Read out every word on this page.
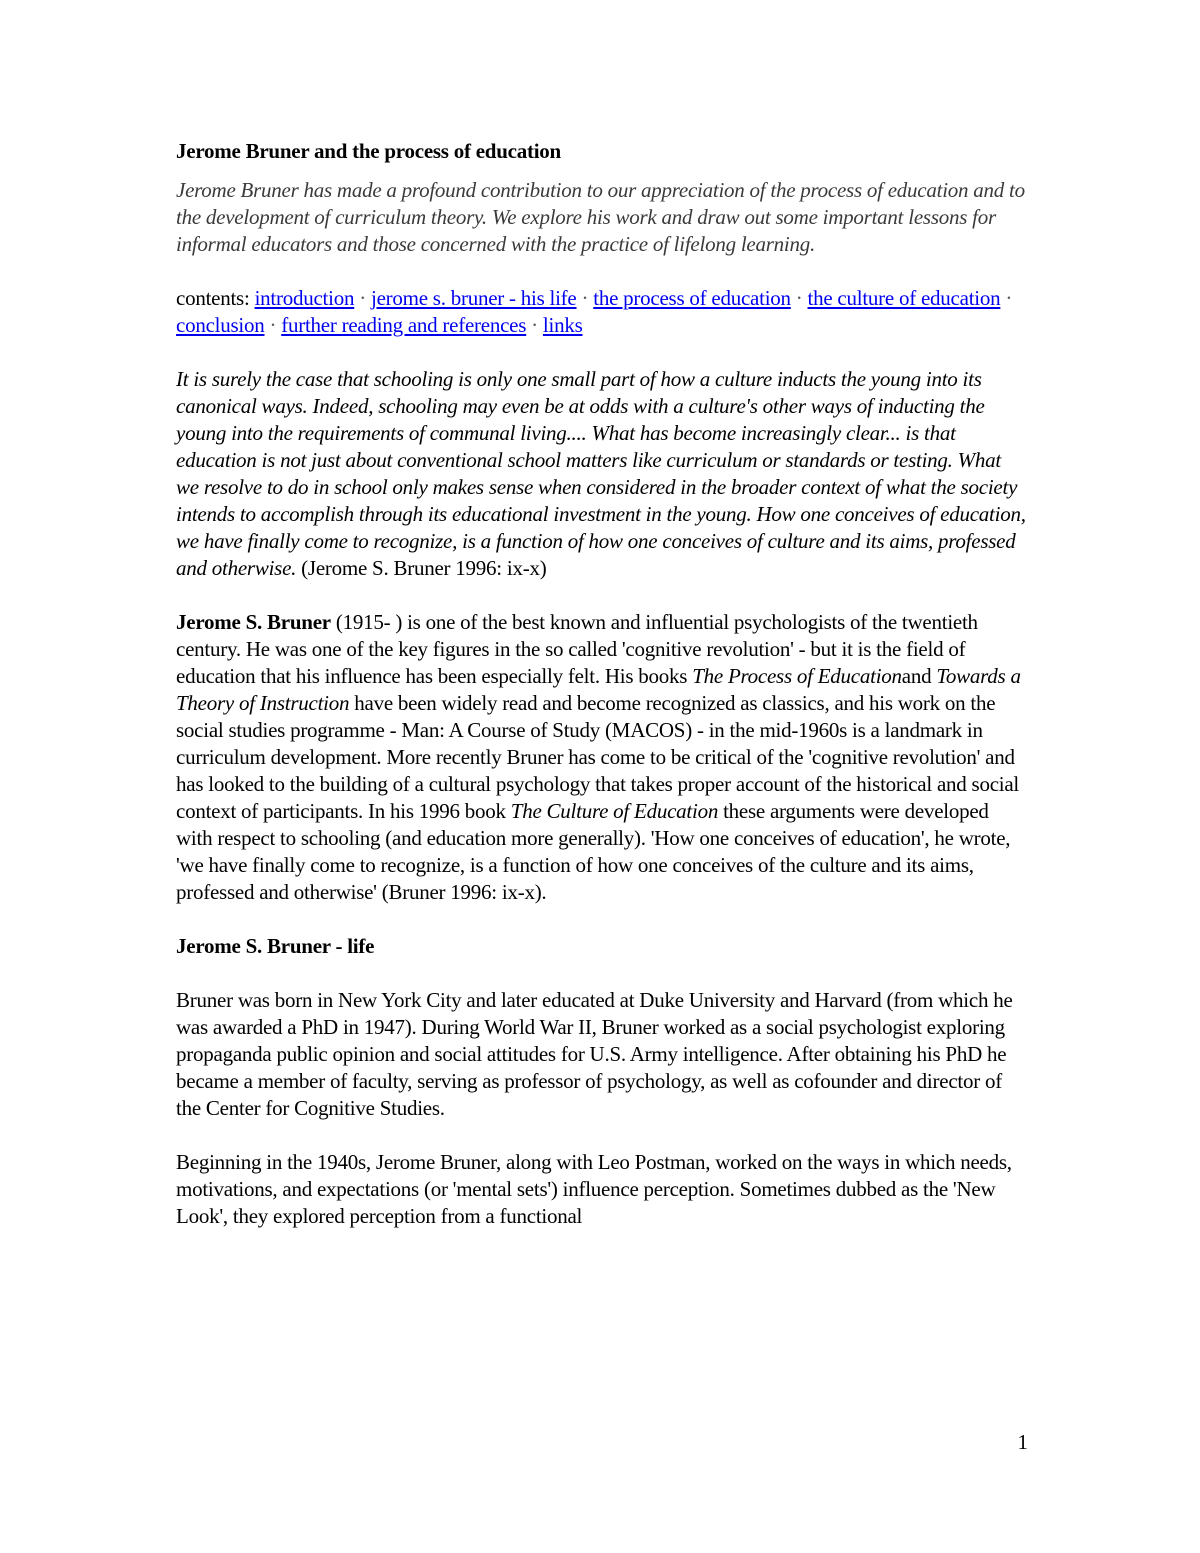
Jerome Bruner and the process of education

Jerome Bruner has made a profound contribution to our appreciation of the process of education and to the development of curriculum theory. We explore his work and draw out some important lessons for informal educators and those concerned with the practice of lifelong learning.

contents: introduction · jerome s. bruner - his life · the process of education · the culture of education · conclusion · further reading and references · links

It is surely the case that schooling is only one small part of how a culture inducts the young into its canonical ways. Indeed, schooling may even be at odds with a culture's other ways of inducting the young into the requirements of communal living.... What has become increasingly clear... is that education is not just about conventional school matters like curriculum or standards or testing. What we resolve to do in school only makes sense when considered in the broader context of what the society intends to accomplish through its educational investment in the young. How one conceives of education, we have finally come to recognize, is a function of how one conceives of culture and its aims, professed and otherwise. (Jerome S. Bruner 1996: ix-x)

Jerome S. Bruner (1915- ) is one of the best known and influential psychologists of the twentieth century. He was one of the key figures in the so called 'cognitive revolution' - but it is the field of education that his influence has been especially felt. His books The Process of Educationand Towards a Theory of Instruction have been widely read and become recognized as classics, and his work on the social studies programme - Man: A Course of Study (MACOS) - in the mid-1960s is a landmark in curriculum development. More recently Bruner has come to be critical of the 'cognitive revolution' and has looked to the building of a cultural psychology that takes proper account of the historical and social context of participants. In his 1996 book The Culture of Education these arguments were developed with respect to schooling (and education more generally). 'How one conceives of education', he wrote, 'we have finally come to recognize, is a function of how one conceives of the culture and its aims, professed and otherwise' (Bruner 1996: ix-x).

Jerome S. Bruner - life

Bruner was born in New York City and later educated at Duke University and Harvard (from which he was awarded a PhD in 1947). During World War II, Bruner worked as a social psychologist exploring propaganda public opinion and social attitudes for U.S. Army intelligence. After obtaining his PhD he became a member of faculty, serving as professor of psychology, as well as cofounder and director of the Center for Cognitive Studies.

Beginning in the 1940s, Jerome Bruner, along with Leo Postman, worked on the ways in which needs, motivations, and expectations (or 'mental sets') influence perception. Sometimes dubbed as the 'New Look', they explored perception from a functional

1
